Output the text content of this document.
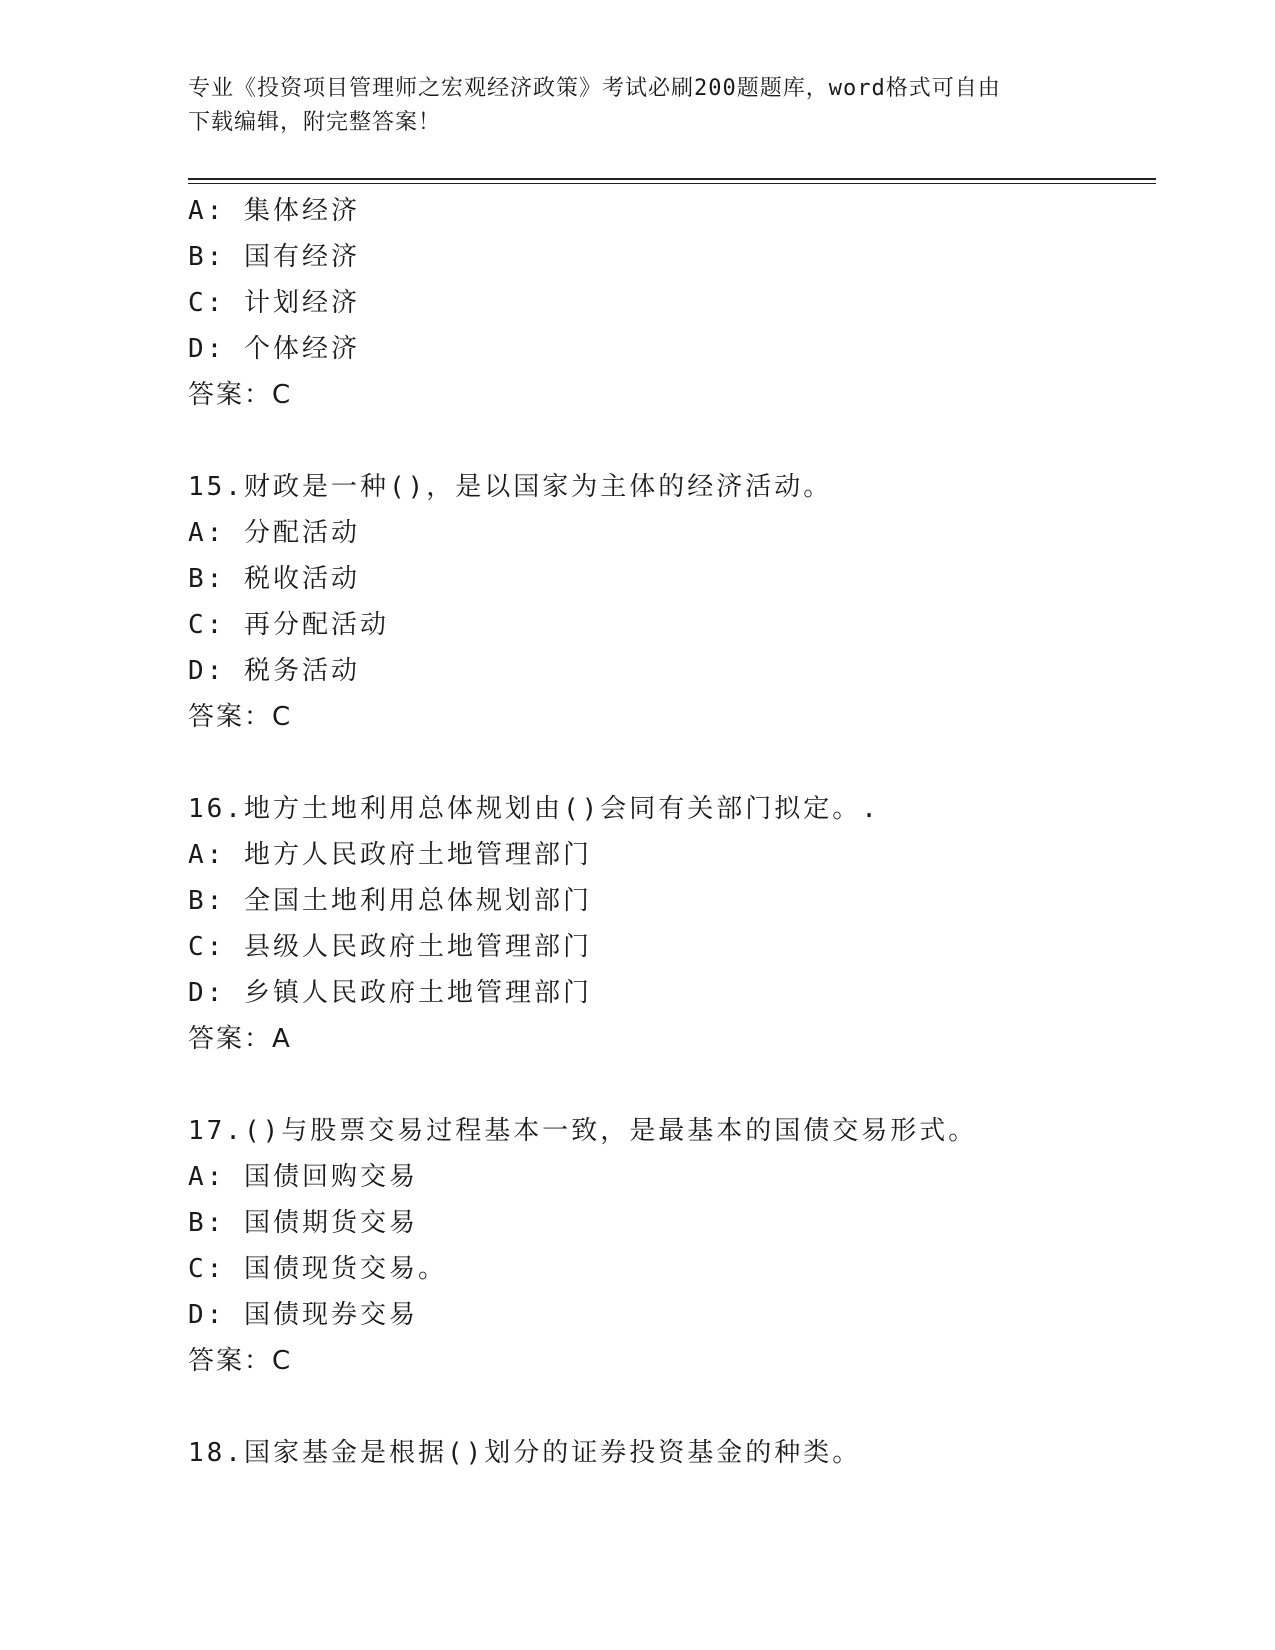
专业《投资项目管理师之宏观经济政策》考试必刷200题题库，word格式可自由
下载编辑，附完整答案！
A: 集体经济
B: 国有经济
C: 计划经济
D: 个体经济
答案：C
15.财政是一种()，是以国家为主体的经济活动。
A: 分配活动
B: 税收活动
C: 再分配活动
D: 税务活动
答案：C
16.地方土地利用总体规划由()会同有关部门拟定。.
A: 地方人民政府土地管理部门
B: 全国土地利用总体规划部门
C: 县级人民政府土地管理部门
D: 乡镇人民政府土地管理部门
答案：A
17.()与股票交易过程基本一致，是最基本的国债交易形式。
A: 国债回购交易
B: 国债期货交易
C: 国债现货交易。
D: 国债现券交易
答案：C
18.国家基金是根据()划分的证券投资基金的种类。
